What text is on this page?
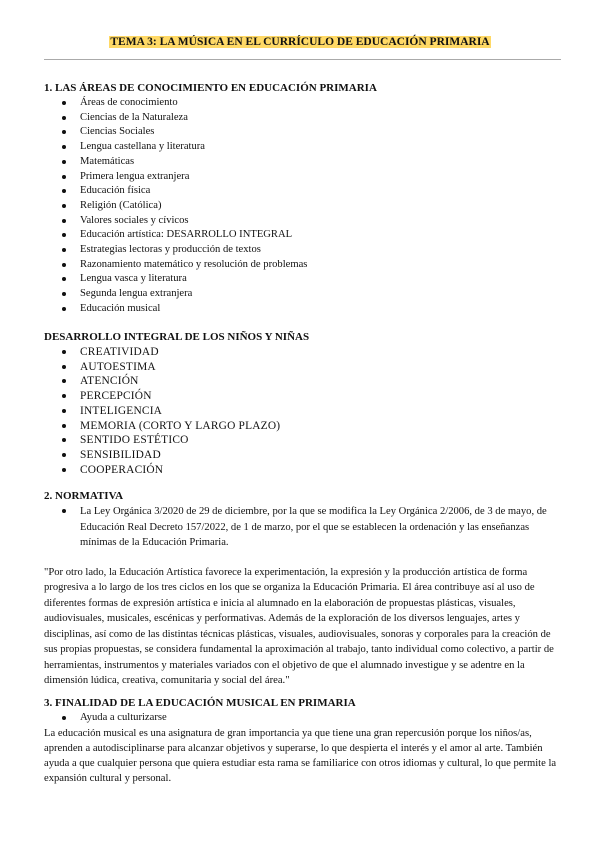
TEMA 3: LA MÚSICA EN EL CURRÍCULO DE EDUCACIÓN PRIMARIA
1. LAS ÁREAS DE CONOCIMIENTO EN EDUCACIÓN PRIMARIA
Áreas de conocimiento
Ciencias de la Naturaleza
Ciencias Sociales
Lengua castellana y literatura
Matemáticas
Primera lengua extranjera
Educación física
Religión (Católica)
Valores sociales y cívicos
Educación artística: DESARROLLO INTEGRAL
Estrategias lectoras y producción de textos
Razonamiento matemático y resolución de problemas
Lengua vasca y literatura
Segunda lengua extranjera
Educación musical
DESARROLLO INTEGRAL DE LOS NIÑOS Y NIÑAS
CREATIVIDAD
AUTOESTIMA
ATENCIÓN
PERCEPCIÓN
INTELIGENCIA
MEMORIA (CORTO Y LARGO PLAZO)
SENTIDO ESTÉTICO
SENSIBILIDAD
COOPERACIÓN
2. NORMATIVA
La Ley Orgánica 3/2020 de 29 de diciembre, por la que se modifica la Ley Orgánica 2/2006, de 3 de mayo, de Educación Real Decreto 157/2022, de 1 de marzo, por el que se establecen la ordenación y las enseñanzas mínimas de la Educación Primaria.

"Por otro lado, la Educación Artística favorece la experimentación, la expresión y la producción artística de forma progresiva a lo largo de los tres ciclos en los que se organiza la Educación Primaria. El área contribuye así al uso de diferentes formas de expresión artística e inicia al alumnado en la elaboración de propuestas plásticas, visuales, audiovisuales, musicales, escénicas y performativas. Además de la exploración de los diversos lenguajes, artes y disciplinas, así como de las distintas técnicas plásticas, visuales, audiovisuales, sonoras y corporales para la creación de sus propias propuestas, se considera fundamental la aproximación al trabajo, tanto individual como colectivo, a partir de herramientas, instrumentos y materiales variados con el objetivo de que el alumnado investigue y se adentre en la dimensión lúdica, creativa, comunitaria y social del área."

3. FINALIDAD DE LA EDUCACIÓN MUSICAL EN PRIMARIA
Ayuda a culturizarse

La educación musical es una asignatura de gran importancia ya que tiene una gran repercusión porque los niños/as, aprenden a autodisciplinarse para alcanzar objetivos y superarse, lo que despierta el interés y el amor al arte. También ayuda a que cualquier persona que quiera estudiar esta rama se familiarice con otros idiomas y cultural, lo que permite la expansión cultural y personal.
